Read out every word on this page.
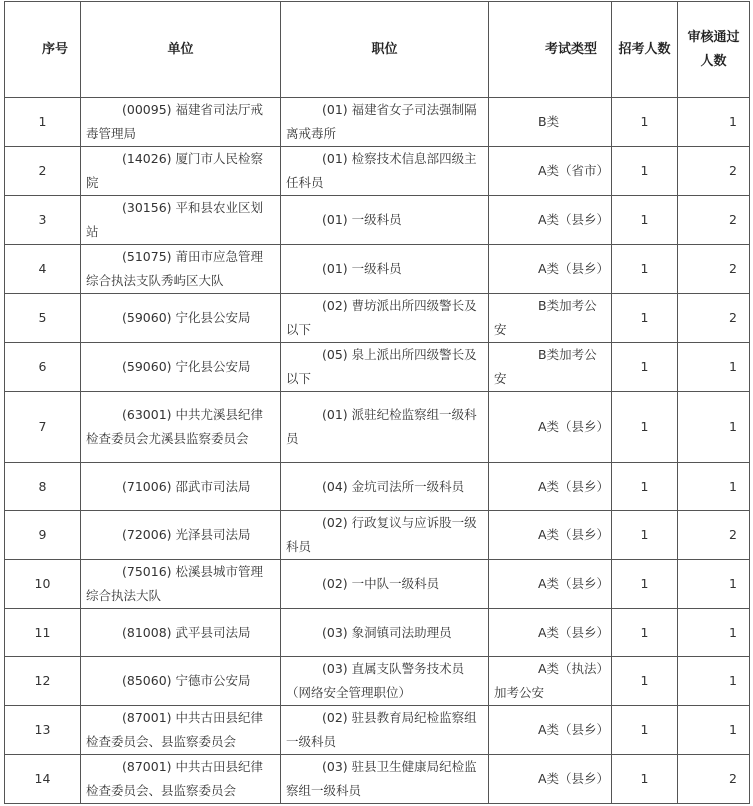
序号	单位	职位	考试类型	招考人数	审核通过人数
1	(00095) 福建省司法厅戒毒管理局	(01) 福建省女子司法强制隔离戒毒所	B类	1	1
2	(14026) 厦门市人民检察院	(01) 检察技术信息部四级主任科员	A类（省市）	1	2
3	(30156) 平和县农业区划站	(01) 一级科员	A类（县乡）	1	2
4	(51075) 莆田市应急管理综合执法支队秀屿区大队	(01) 一级科员	A类（县乡）	1	2
5	(59060) 宁化县公安局	(02) 曹坊派出所四级警长及以下	B类加考公安	1	2
6	(59060) 宁化县公安局	(05) 泉上派出所四级警长及以下	B类加考公安	1	1
7	(63001) 中共尤溪县纪律检查委员会尤溪县监察委员会	(01) 派驻纪检监察组一级科员	A类（县乡）	1	1
8	(71006) 邵武市司法局	(04) 金坑司法所一级科员	A类（县乡）	1	1
9	(72006) 光泽县司法局	(02) 行政复议与应诉股一级科员	A类（县乡）	1	2
10	(75016) 松溪县城市管理综合执法大队	(02) 一中队一级科员	A类（县乡）	1	1
11	(81008) 武平县司法局	(03) 象洞镇司法助理员	A类（县乡）	1	1
12	(85060) 宁德市公安局	(03) 直属支队警务技术员（网络安全管理职位）	A类（执法）加考公安	1	1
13	(87001) 中共古田县纪律检查委员会、县监察委员会	(02) 驻县教育局纪检监察组一级科员	A类（县乡）	1	1
14	(87001) 中共古田县纪律检查委员会、县监察委员会	(03) 驻县卫生健康局纪检监察组一级科员	A类（县乡）	1	2
